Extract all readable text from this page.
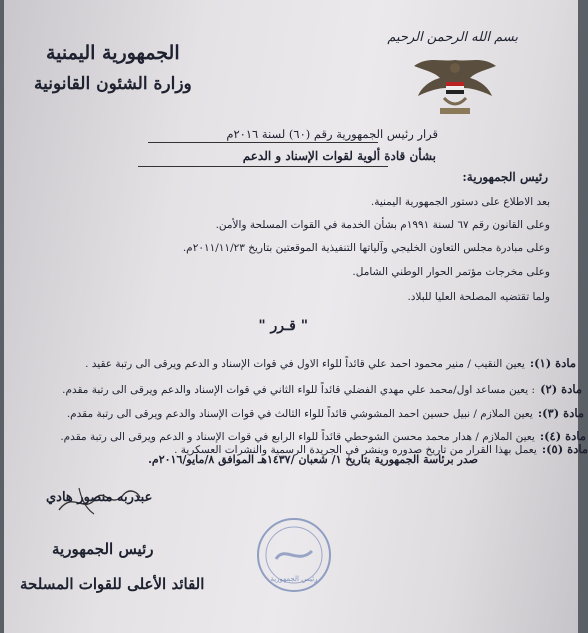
بسم الله الرحمن الرحيم
الجمهورية اليمنية
وزارة الشئون القانونية
قرار رئيس الجمهورية رقم (٦٠) لسنة ٢٠١٦م
بشأن قادة ألوية لقوات الإسناد و الدعم
رئيس الجمهورية:
بعد الاطلاع على دستور الجمهورية اليمنية.
وعلى القانون رقم ٦٧ لسنة ١٩٩١م بشأن الخدمة في القوات المسلحة والأمن.
وعلى مبادرة مجلس التعاون الخليجي وآلياتها التنفيذية الموقعتين بتاريخ ٢٠١١/١١/٢٣م.
وعلى مخرجات مؤتمر الحوار الوطني الشامل.
ولما تقتضيه المصلحة العليا للبلاد.
" قـرر "
مادة (١): يعين النقيب / منير محمود احمد علي قائداً للواء الاول في قوات الإسناد و الدعم ويرقى الى رتبة عقيد .
مادة (٢) : يعين مساعد اول/محمد علي مهدي الفضلي قائداً للواء الثاني في قوات الإسناد والدعم ويرقى الى رتبة مقدم.
مادة (٣): يعين الملازم / نبيل حسين احمد المشوشي قائداً للواء الثالث في قوات الإسناد والدعم ويرقى الى رتبة مقدم.
مادة (٤): يعين الملازم / هدار محمد محسن الشوحطي قائداً للواء الرابع في قوات الإسناد و الدعم ويرقى الى رتبة مقدم.
مادة (٥): يعمل بهذا القرار من تاريخ صدوره وينشر في الجريدة الرسمية والنشرات العسكرية .
صدر برئاسة الجمهورية بتاريخ ١/ شعبان /١٤٣٧هـ الموافق ٨/مايو/٢٠١٦م.
عبدربه منصور هادي
رئيس الجمهورية
القائد الأعلى للقوات المسلحة	رئيس الجمهورية
